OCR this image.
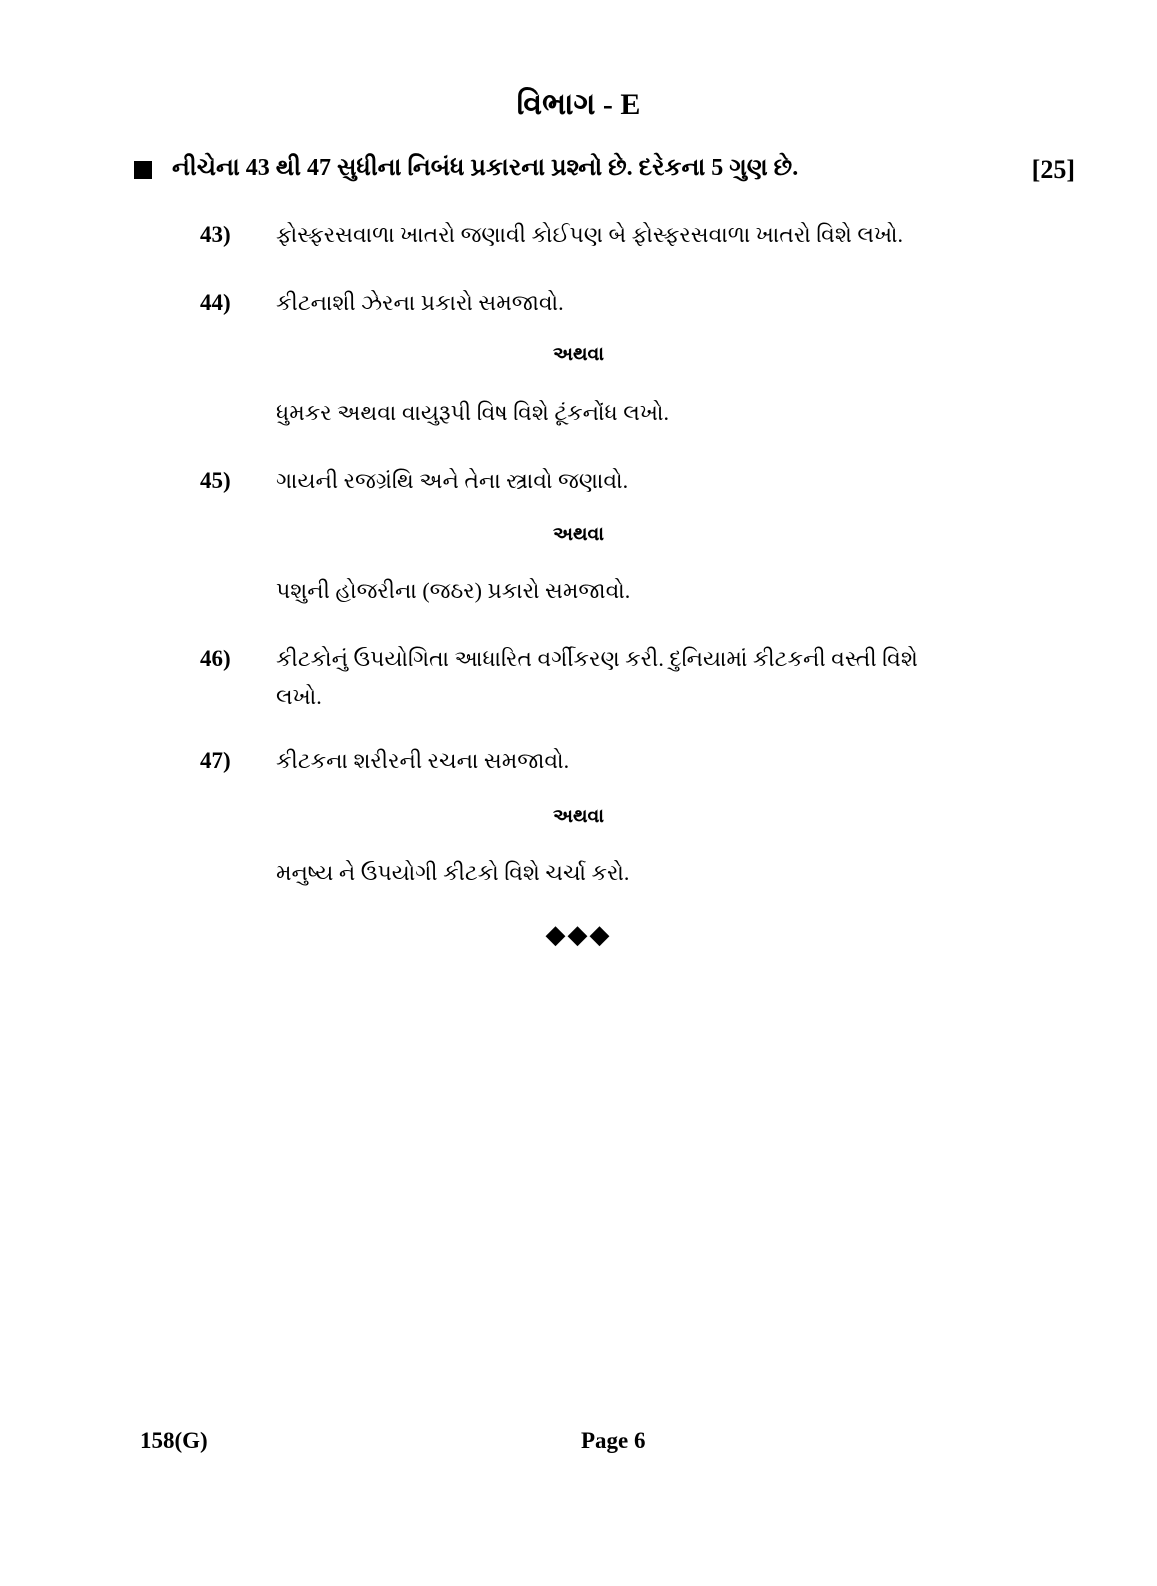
વિભાગ - E
નીચેના 43 થી 47 સુધીના નિબંધ પ્રકારના પ્રશ્નો છે. દરેકના 5 ગુણ છે.	[25]
43) ફોસ્ફરસવાળા ખાતરો જણાવી કોઈપણ બે ફોસ્ફરસવાળા ખાતરો વિશે લખો.
44) કીટનાશી ઝેરના પ્રકારો સમજાવો.
અથવા
ધુમકર અથવા વાયુરૂપી વિષ વિશે ટૂંકનોંધ લખો.
45) ગાયની રજગ્રંથિ અને તેના સ્ત્રાવો જણાવો.
અથવા
પશુની હોજરીના (જઠર) પ્રકારો સમજાવો.
46) કીટકોનું ઉપયોગિતા આધારિત વર્ગીકરણ કરી. દુનિયામાં કીટકની વસ્તી વિશે લખો.
47) કીટકના શરીરની રચના સમજાવો.
અથવા
મનુષ્ય ને ઉપયોગી કીટકો વિશે ચર્ચા કરો.
◆◆◆
158(G)	Page 6
